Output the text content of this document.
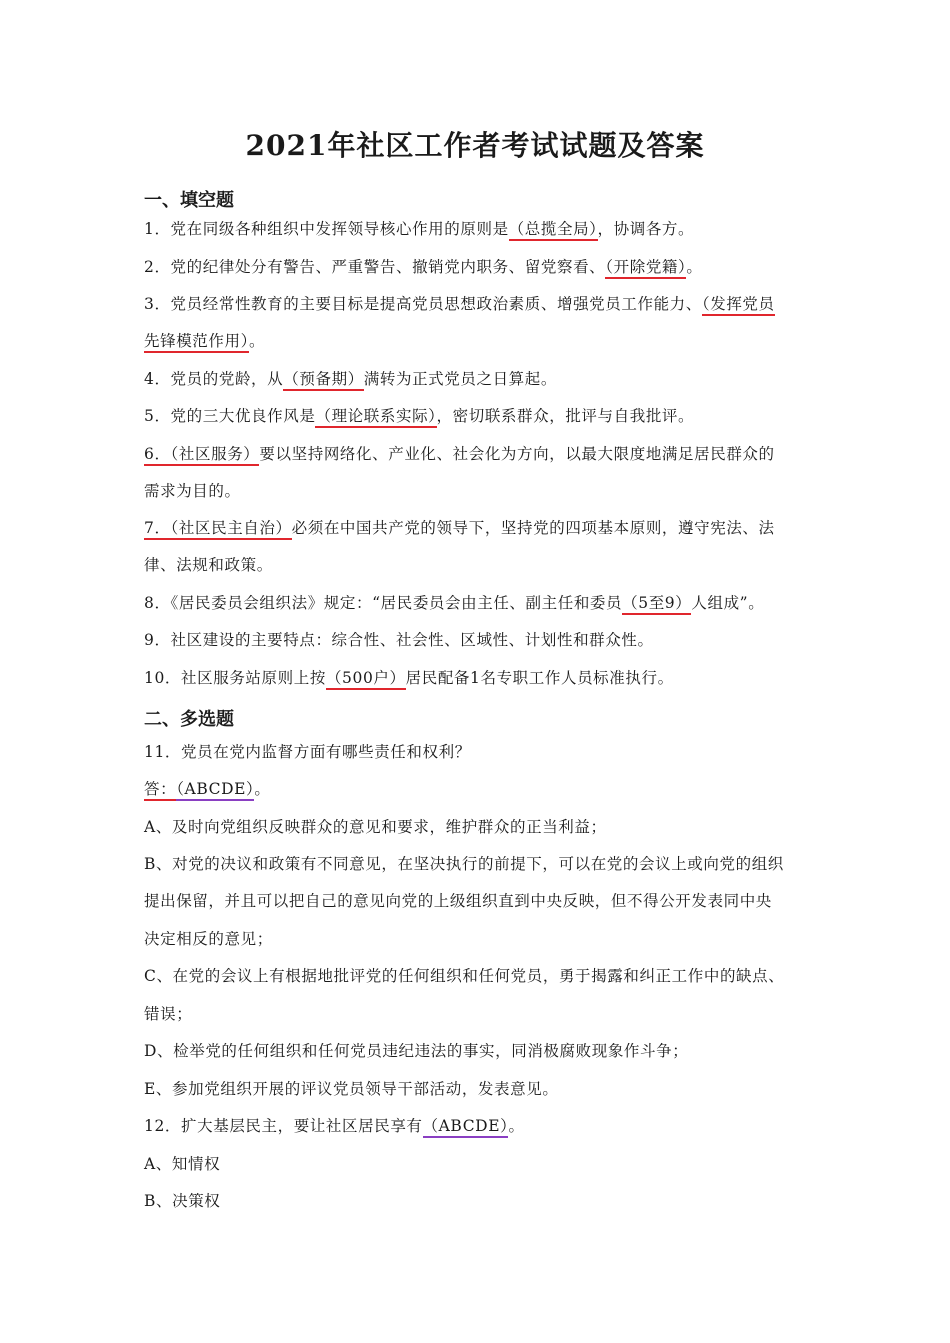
2021年社区工作者考试试题及答案
一、填空题
1．党在同级各种组织中发挥领导核心作用的原则是（总揽全局），协调各方。
2．党的纪律处分有警告、严重警告、撤销党内职务、留党察看、（开除党籍）。
3．党员经常性教育的主要目标是提高党员思想政治素质、增强党员工作能力、（发挥党员
先锋模范作用）。
4．党员的党龄，从（预备期）满转为正式党员之日算起。
5．党的三大优良作风是（理论联系实际），密切联系群众，批评与自我批评。
6．（社区服务）要以坚持网络化、产业化、社会化为方向，以最大限度地满足居民群众的
需求为目的。
7．（社区民主自治）必须在中国共产党的领导下，坚持党的四项基本原则，遵守宪法、法
律、法规和政策。
8．《居民委员会组织法》规定：“居民委员会由主任、副主任和委员（5至9）人组成”。
9．社区建设的主要特点：综合性、社会性、区域性、计划性和群众性。
10．社区服务站原则上按（500户）居民配备1名专职工作人员标准执行。
二、多选题
11．党员在党内监督方面有哪些责任和权利？
答：（ABCDE）。
A、及时向党组织反映群众的意见和要求，维护群众的正当利益；
B、对党的决议和政策有不同意见，在坚决执行的前提下，可以在党的会议上或向党的组织
提出保留，并且可以把自己的意见向党的上级组织直到中央反映，但不得公开发表同中央
决定相反的意见；
C、在党的会议上有根据地批评党的任何组织和任何党员，勇于揭露和纠正工作中的缺点、
错误；
D、检举党的任何组织和任何党员违纪违法的事实，同消极腐败现象作斗争；
E、参加党组织开展的评议党员领导干部活动，发表意见。
12．扩大基层民主，要让社区居民享有（ABCDE）。
A、知情权
B、决策权
